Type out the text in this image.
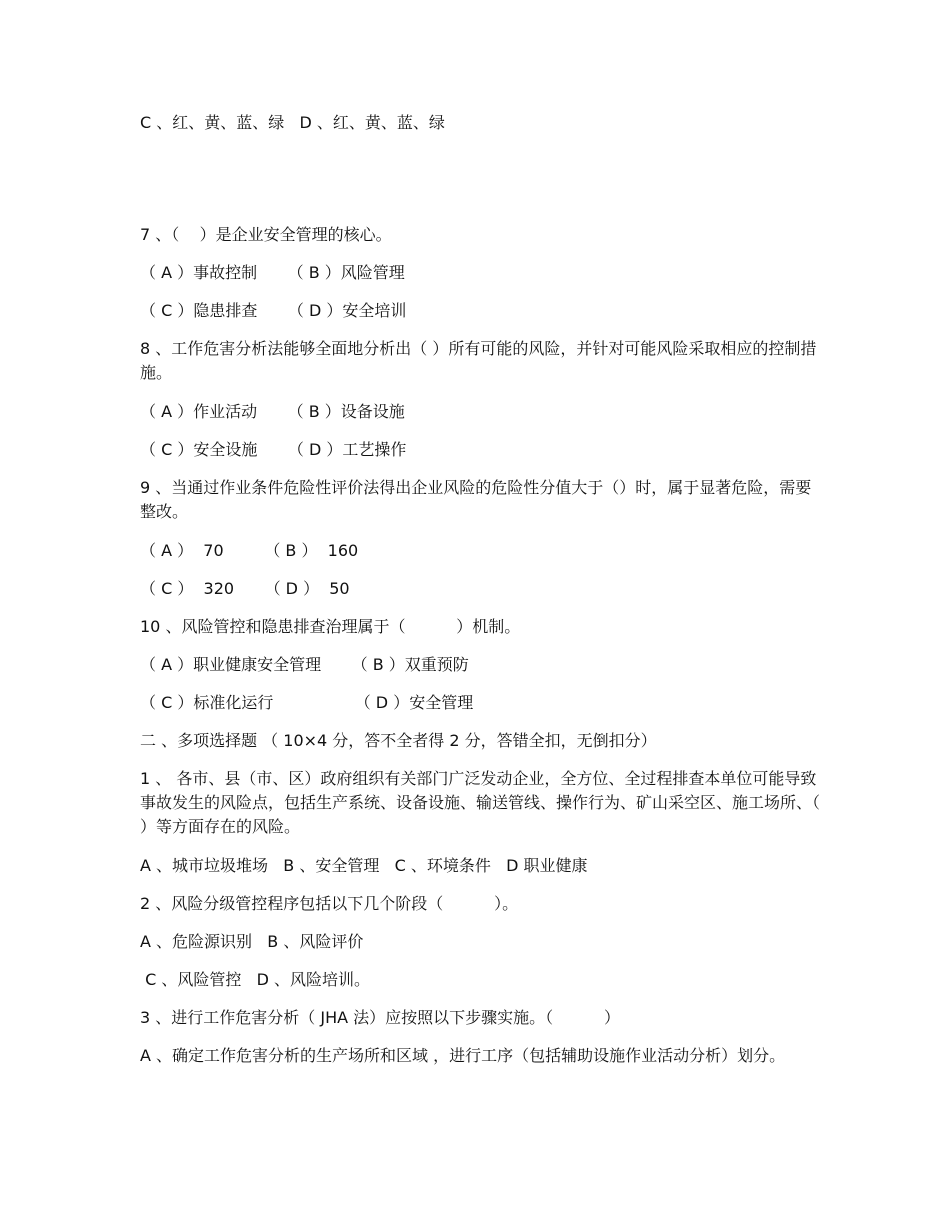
C 、红、黄、蓝、绿   D 、红、黄、蓝、绿
7 、（    ）是企业安全管理的核心。
（ A ）事故控制      （ B ）风险管理
（ C ）隐患排查      （ D ）安全培训
8 、工作危害分析法能够全面地分析出（ ）所有可能的风险，并针对可能风险采取相应的控制措施。
（ A ）作业活动      （ B ）设备设施
（ C ）安全设施      （ D ）工艺操作
9 、当通过作业条件危险性评价法得出企业风险的危险性分值大于（）时，属于显著危险，需要整改。
（ A ）  70        （ B ）  160
（ C ）  320      （ D ）  50
10 、风险管控和隐患排查治理属于（          ）机制。
（ A ）职业健康安全管理      （ B ）双重预防
（ C ）标准化运行                （ D ）安全管理
二 、多项选择题 （ 10×4 分，答不全者得 2 分，答错全扣，无倒扣分）
1 、 各市、县（市、区）政府组织有关部门广泛发动企业，全方位、全过程排查本单位可能导致事故发生的风险点，包括生产系统、设备设施、输送管线、操作行为、矿山采空区、施工场所、（ ）等方面存在的风险。
A 、城市垃圾堆场   B 、安全管理   C 、环境条件   D 职业健康
2 、风险分级管控程序包括以下几个阶段（          ）。
A 、危险源识别   B 、风险评价
C 、风险管控   D 、风险培训。
3 、进行工作危害分析（ JHA 法）应按照以下步骤实施。（          ）
A 、确定工作危害分析的生产场所和区域 ，进行工序（包括辅助设施作业活动分析）划分。
